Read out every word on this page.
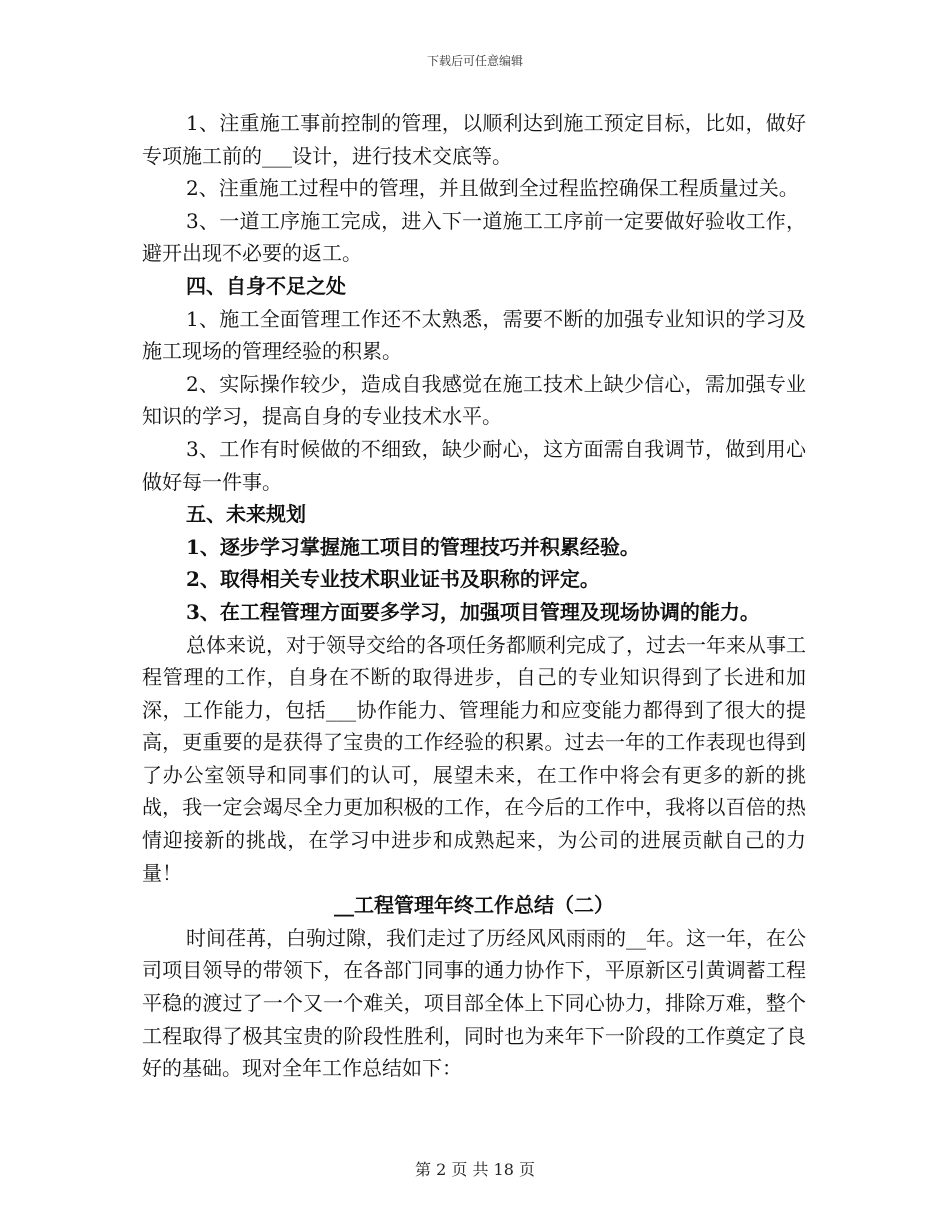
下载后可任意编辑

1、注重施工事前控制的管理，以顺利达到施工预定目标，比如，做好专项施工前的___设计，进行技术交底等。

2、注重施工过程中的管理，并且做到全过程监控确保工程质量过关。

3、一道工序施工完成，进入下一道施工工序前一定要做好验收工作，避开出现不必要的返工。

四、自身不足之处

1、施工全面管理工作还不太熟悉，需要不断的加强专业知识的学习及施工现场的管理经验的积累。

2、实际操作较少，造成自我感觉在施工技术上缺少信心，需加强专业知识的学习，提高自身的专业技术水平。

3、工作有时候做的不细致，缺少耐心，这方面需自我调节，做到用心做好每一件事。

五、未来规划

1、逐步学习掌握施工项目的管理技巧并积累经验。

2、取得相关专业技术职业证书及职称的评定。

3、在工程管理方面要多学习，加强项目管理及现场协调的能力。

总体来说，对于领导交给的各项任务都顺利完成了，过去一年来从事工程管理的工作，自身在不断的取得进步，自己的专业知识得到了长进和加深，工作能力，包括___协作能力、管理能力和应变能力都得到了很大的提高，更重要的是获得了宝贵的工作经验的积累。过去一年的工作表现也得到了办公室领导和同事们的认可，展望未来，在工作中将会有更多的新的挑战，我一定会竭尽全力更加积极的工作，在今后的工作中，我将以百倍的热情迎接新的挑战，在学习中进步和成熟起来，为公司的进展贡献自己的力量！

__工程管理年终工作总结（二）

时间荏苒，白驹过隙，我们走过了历经风风雨雨的__年。这一年，在公司项目领导的带领下，在各部门同事的通力协作下，平原新区引黄调蓄工程平稳的渡过了一个又一个难关，项目部全体上下同心协力，排除万难，整个工程取得了极其宝贵的阶段性胜利，同时也为来年下一阶段的工作奠定了良好的基础。现对全年工作总结如下：

第 2 页 共 18 页
